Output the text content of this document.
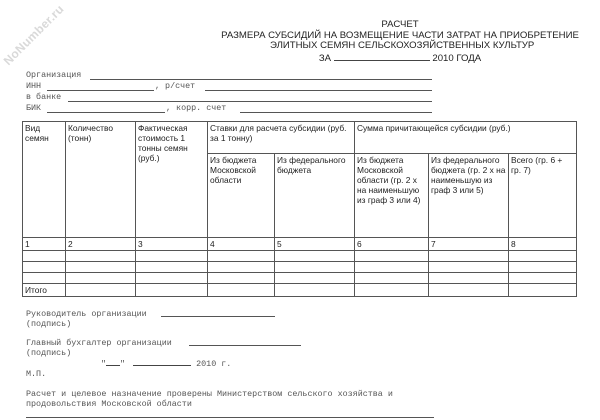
NoNumber.ru	РАСЧЕТ
РАЗМЕРА СУБСИДИЙ НА ВОЗМЕЩЕНИЕ ЧАСТИ ЗАТРАТ НА ПРИОБРЕТЕНИЕ
ЭЛИТНЫХ СЕМЯН СЕЛЬСКОХОЗЯЙСТВЕННЫХ КУЛЬТУР
ЗА	2010 ГОДА
Организация
ИНН	, р/счет
в банке
БИК	, корр. счет
Вид семян	Количество (тонн)	Фактическая стоимость 1 тонны семян (руб.)	Ставки для расчета субсидии (руб. за 1 тонну)		Сумма причитающейся субсидии (руб.)		
			Из бюджета Московской области	Из федерального бюджета	Из бюджета Московской области (гр. 2 х на наименьшую из граф 3 или 4)	Из федерального бюджета (гр. 2 х на наименьшую из граф 3 или 5)	Всего (гр. 6 + гр. 7)
1	2	3	4	5	6	7	8

Итого							
Руководитель организации
(подпись)
Главный бухгалтер организации
(подпись)
" "	2010 г.
М.П.
Расчет и целевое назначение проверены Министерством сельского хозяйства и
продовольствия Московской области
